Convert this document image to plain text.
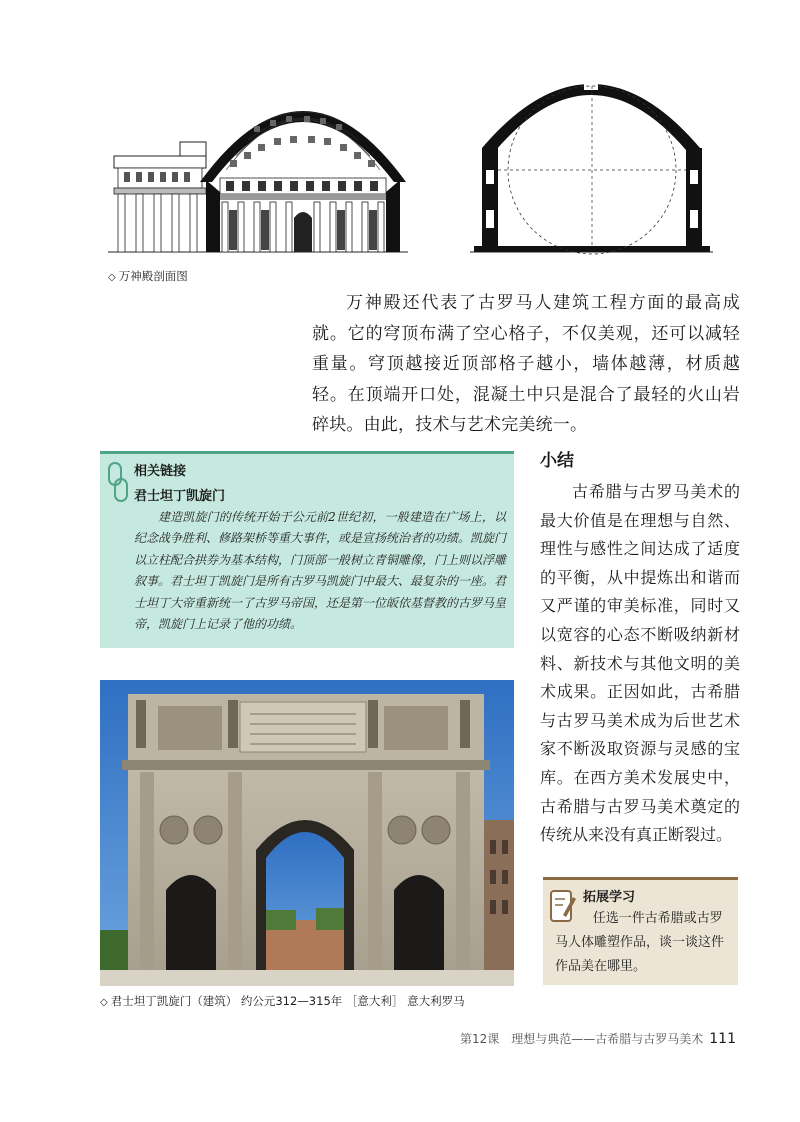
◇ 万神殿剖面图

万神殿还代表了古罗马人建筑工程方面的最高成就。它的穹顶布满了空心格子，不仅美观，还可以减轻重量。穹顶越接近顶部格子越小，墙体越薄，材质越轻。在顶端开口处，混凝土中只是混合了最轻的火山岩碎块。由此，技术与艺术完美统一。

相关链接
君士坦丁凯旋门

建造凯旋门的传统开始于公元前2世纪初，一般建造在广场上，以纪念战争胜利、修路架桥等重大事件，或是宣扬统治者的功绩。凯旋门以立柱配合拱券为基本结构，门顶部一般树立青铜雕像，门上则以浮雕叙事。君士坦丁凯旋门是所有古罗马凯旋门中最大、最复杂的一座。君士坦丁大帝重新统一了古罗马帝国，还是第一位皈依基督教的古罗马皇帝，凯旋门上记录了他的功绩。

小结

古希腊与古罗马美术的最大价值是在理想与自然、理性与感性之间达成了适度的平衡，从中提炼出和谐而又严谨的审美标准，同时又以宽容的心态不断吸纳新材料、新技术与其他文明的美术成果。正因如此，古希腊与古罗马美术成为后世艺术家不断汲取资源与灵感的宝库。在西方美术发展史中，古希腊与古罗马美术奠定的传统从来没有真正断裂过。

◇ 君士坦丁凯旋门（建筑） 约公元312—315年 ［意大利］ 意大利罗马
拓展学习

任选一件古希腊或古罗马人体雕塑作品，谈一谈这件作品美在哪里。

第12课　理想与典范——古希腊与古罗马美术 111
